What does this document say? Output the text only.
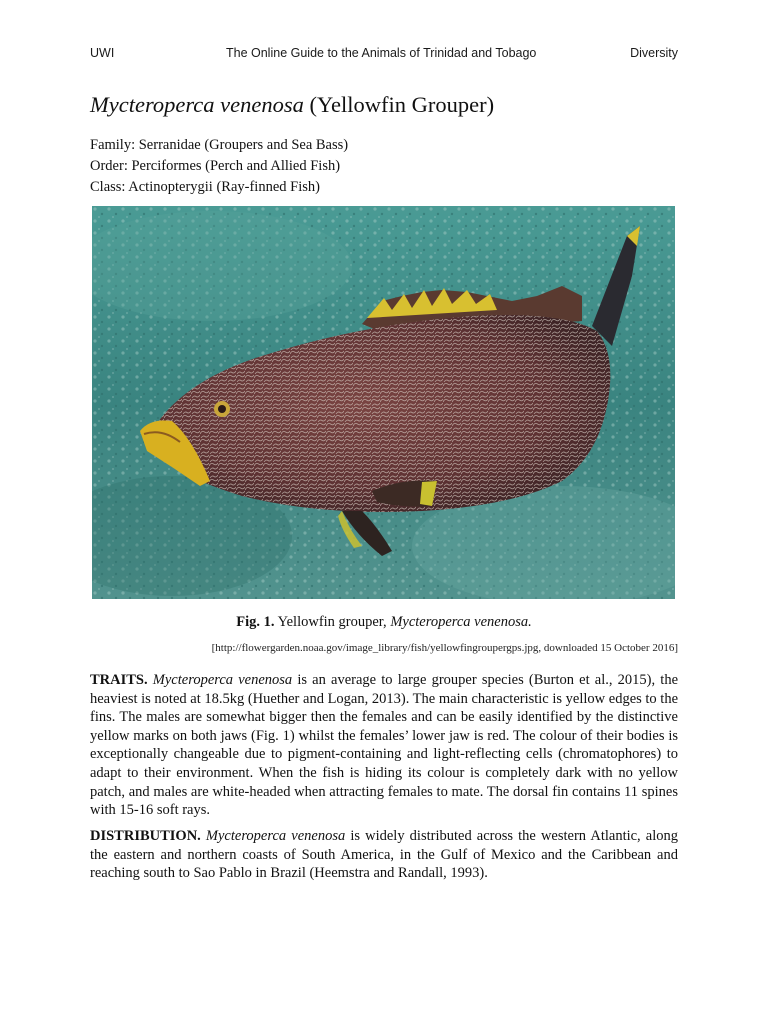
UWI	The Online Guide to the Animals of Trinidad and Tobago	Diversity
Mycteroperca venenosa (Yellowfin Grouper)
Family: Serranidae (Groupers and Sea Bass)
Order: Perciformes (Perch and Allied Fish)
Class: Actinopterygii (Ray-finned Fish)
Fig. 1. Yellowfin grouper, Mycteroperca venenosa.
[http://flowergarden.noaa.gov/image_library/fish/yellowfingroupergps.jpg, downloaded 15 October 2016]
TRAITS. Mycteroperca venenosa is an average to large grouper species (Burton et al., 2015), the heaviest is noted at 18.5kg (Huether and Logan, 2013). The main characteristic is yellow edges to the fins. The males are somewhat bigger then the females and can be easily identified by the distinctive yellow marks on both jaws (Fig. 1) whilst the females’ lower jaw is red. The colour of their bodies is exceptionally changeable due to pigment-containing and light-reflecting cells (chromatophores) to adapt to their environment. When the fish is hiding its colour is completely dark with no yellow patch, and males are white-headed when attracting females to mate. The dorsal fin contains 11 spines with 15-16 soft rays.
DISTRIBUTION. Mycteroperca venenosa is widely distributed across the western Atlantic, along the eastern and northern coasts of South America, in the Gulf of Mexico and the Caribbean and reaching south to Sao Pablo in Brazil (Heemstra and Randall, 1993).
